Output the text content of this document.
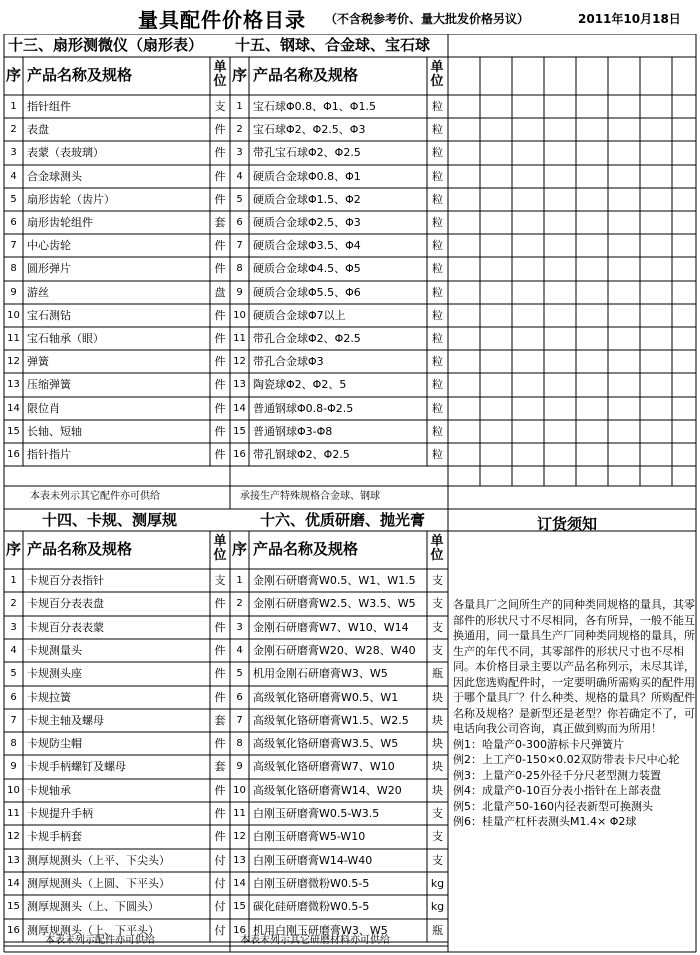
量具配件价格目录 （不含税参考价、量大批发价格另议）	2011年10月18日
十三、扇形测微仪（扇形表）
序 产品名称及规格	单位
1 指针组件	支
2 表盘	件
3 表蒙（表玻璃）	件
4 合金球测头	件
5 扇形齿轮（齿片）	件
6 扇形齿轮组件	套
7 中心齿轮	件
8 圆形弹片	件
9 游丝	盘
10 宝石测钻	件
11 宝石轴承（眼）	件
12 弹簧	件
13 压缩弹簧	件
14 限位肖	件
15 长轴、短轴	件
16 指针指片	件
本表未列示其它配件亦可供给
十五、钢球、合金球、宝石球
序 产品名称及规格	单位
1 宝石球Φ0.8、Φ1、Φ1.5	粒
2 宝石球Φ2、Φ2.5、Φ3	粒
3 带孔宝石球Φ2、Φ2.5	粒
4 硬质合金球Φ0.8、Φ1	粒
5 硬质合金球Φ1.5、Φ2	粒
6 硬质合金球Φ2.5、Φ3	粒
7 硬质合金球Φ3.5、Φ4	粒
8 硬质合金球Φ4.5、Φ5	粒
9 硬质合金球Φ5.5、Φ6	粒
10 硬质合金球Φ7以上	粒
11 带孔合金球Φ2、Φ2.5	粒
12 带孔合金球Φ3	粒
13 陶瓷球Φ2、Φ2、5	粒
14 普通钢球Φ0.8-Φ2.5	粒
15 普通钢球Φ3-Φ8	粒
16 带孔钢球Φ2、Φ2.5	粒
承接生产特殊规格合金球、钢球
十四、卡规、测厚规
序 产品名称及规格	单位
1 卡规百分表指针	支
2 卡规百分表表盘	件
3 卡规百分表表蒙	件
4 卡规测量头	件
5 卡规测头座	件
6 卡规拉簧	件
7 卡规主轴及螺母	套
8 卡规防尘帽	件
9 卡规手柄螺钉及螺母	套
10 卡规轴承	件
11 卡规提升手柄	件
12 卡规手柄套	件
13 测厚规测头（上平、下尖头）	付
14 测厚规测头（上圆、下平头）	付
15 测厚规测头（上、下圆头）	付
16 测厚规测头（上、下平头）	付
本表未列示配件亦可供给
十六、优质研磨、抛光膏
序 产品名称及规格	单位
1 金刚石研磨膏W0.5、W1、W1.5	支
2 金刚石研磨膏W2.5、W3.5、W5	支
3 金刚石研磨膏W7、W10、W14	支
4 金刚石研磨膏W20、W28、W40	支
5 机用金刚石研磨膏W3、W5	瓶
6 高级氧化铬研磨膏W0.5、W1	块
7 高级氧化铬研磨膏W1.5、W2.5	块
8 高级氧化铬研磨膏W3.5、W5	块
9 高级氧化铬研磨膏W7、W10	块
10 高级氧化铬研磨膏W14、W20	块
11 白刚玉研磨膏W0.5-W3.5	支
12 白刚玉研磨膏W5-W10	支
13 白刚玉研磨膏W14-W40	支
14 白刚玉研磨微粉W0.5-5	kg
15 碳化硅研磨微粉W0.5-5	kg
16 机用白刚玉研磨膏W3、W5	瓶
本表未列示其它研磨材料亦可供给
订货须知

各量具厂之间所生产的同种类同规格的量具，其零部件的形状尺寸不尽相同，各有所异，一般不能互换通用，同一量具生产厂同种类同规格的量具，所生产的年代不同，其零部件的形状尺寸也不尽相同。本价格目录主要以产品名称列示，未尽其详，因此您选购配件时，一定要明确所需购买的配件用于哪个量具厂？什么种类、规格的量具？所购配件名称及规格？是新型还是老型？你若确定不了，可电话向我公司咨询，真正做到购而为所用！

例1：哈量产0-300游标卡尺弹簧片

例2：上工产0-150×0.02双防带表卡尺中心轮

例3：上量产0-25外径千分尺老型测力装置

例4：成量产0-10百分表小指针在上部表盘

例5：北量产50-160内径表新型可换测头

例6：桂量产杠杆表测头M1.4× Φ2球
